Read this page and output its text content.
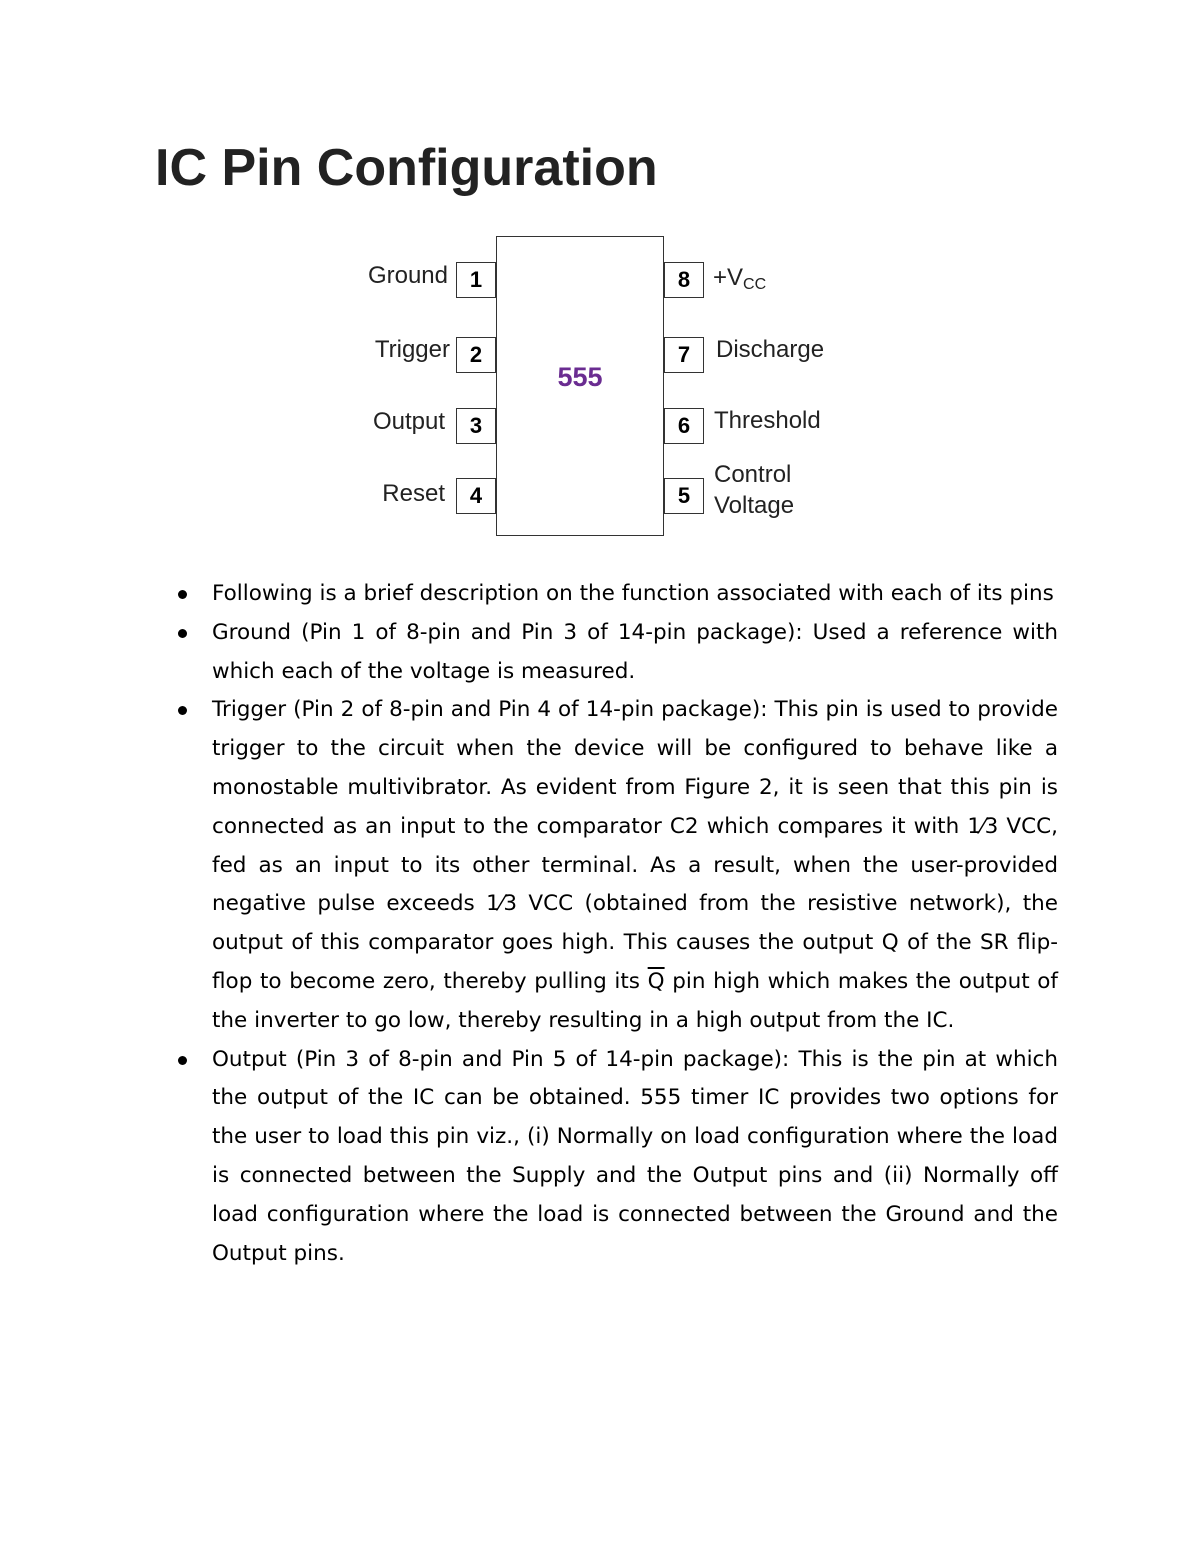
IC Pin Configuration
555
1
2
3
4
8
7
6
5
Ground
Trigger
Output
Reset
$+V_{CC}$
Discharge
Threshold
Control
Voltage
Following is a brief description on the function associated with each of its pins
Ground (Pin 1 of 8-pin and Pin 3 of 14-pin package): Used a reference with which each of the voltage is measured.
Trigger (Pin 2 of 8-pin and Pin 4 of 14-pin package): This pin is used to provide trigger to the circuit when the device will be configured to behave like a monostable multivibrator. As evident from Figure 2, it is seen that this pin is connected as an input to the comparator C2 which compares it with 1⁄3 VCC, fed as an input to its other terminal. As a result, when the user-provided negative pulse exceeds 1⁄3 VCC (obtained from the resistive network), the output of this comparator goes high. This causes the output Q of the SR flip-flop to become zero, thereby pulling its $\overline{Q}$ pin high which makes the output of the inverter to go low, thereby resulting in a high output from the IC.
Output (Pin 3 of 8-pin and Pin 5 of 14-pin package): This is the pin at which the output of the IC can be obtained. 555 timer IC provides two options for the user to load this pin viz., (i) Normally on load configuration where the load is connected between the Supply and the Output pins and (ii) Normally off load configuration where the load is connected between the Ground and the Output pins.
